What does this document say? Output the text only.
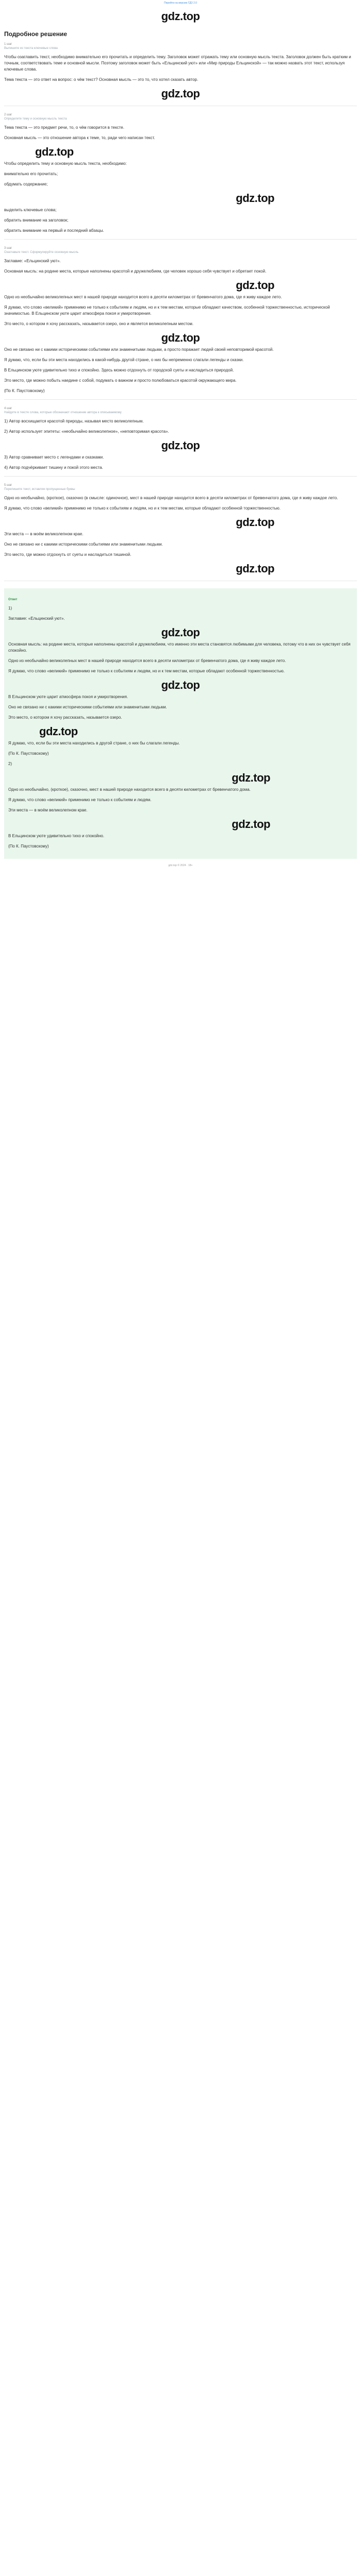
Перейти на версию ГДЗ 2.0
gdz.top
Подробное решение
1 шаг
Выпишите из текста ключевые слова
Чтобы озаглавить текст, необходимо внимательно его прочитать и определить тему. Заголовок может отражать тему или основную мысль текста. Заголовок должен быть кратким и точным, соответствовать теме и основной мысли. Поэтому заголовок может быть «Ельцинский уют» или «Мир природы Ельцинской» — так можно назвать этот текст, используя ключевые слова.
Тема текста — это ответ на вопрос: о чём текст? Основная мысль — это то, что хотел сказать автор.
gdz.top
2 шаг
Определите тему и основную мысль текста
Тема текста — это предмет речи, то, о чём говорится в тексте.
Основная мысль — это отношение автора к теме, то, ради чего написан текст.
gdz.top
Чтобы определить тему и основную мысль текста, необходимо:
внимательно его прочитать;
обдумать содержание;
gdz.top
выделить ключевые слова;
обратить внимание на заголовок;
обратить внимание на первый и последний абзацы.
3 шаг
Озаглавьте текст. Сформулируйте основную мысль
Заглавие: «Ельцинский уют».
Основная мысль: на родине места, которые наполнены красотой и дружелюбием, где человек хорошо себя чувствует и обретает покой.
gdz.top
Одно из необычайно великолепных мест в нашей природе находится всего в десяти километрах от бревенчатого дома, где я живу каждое лето.
Я думаю, что слово «великий» применимо не только к событиям и людям, но и к тем местам, которые обладают качеством, особенной торжественностью, исторической значимостью. В Ельцинском уюте царит атмосфера покоя и умиротворения.
Это место, о котором я хочу рассказать, называется озеро, оно и является великолепным местом.
gdz.top
Оно не связано ни с какими историческими событиями или знаменитыми людьми, а просто поражает людей своей неповторимой красотой.
Я думаю, что, если бы эти места находились в какой-нибудь другой стране, о них бы непременно слагали легенды и сказки.
В Ельцинском уюте удивительно тихо и спокойно. Здесь можно отдохнуть от городской суеты и насладиться природой.
Это место, где можно побыть наедине с собой, подумать о важном и просто полюбоваться красотой окружающего мира.
(По К. Паустовскому)
4 шаг
Найдите в тексте слова, которые обозначают отношение автора к описываемому
1) Автор восхищается красотой природы, называя место великолепным.
2) Автор использует эпитеты: «необычайно великолепное», «неповторимая красота».
gdz.top
3) Автор сравнивает место с легендами и сказками.
4) Автор подчёркивает тишину и покой этого места.
5 шаг
Перепишите текст, вставляя пропущенные буквы
Одно из необычайно, (кроткое), сказочно (в смысле: одиночное), мест в нашей природе находится всего в десяти километрах от бревенчатого дома, где я живу каждое лето.
Я думаю, что слово «великий» применимо не только к событиям и людям, но и к тем местам, которые обладают особенной торжественностью.
gdz.top
Эти места — в моём великолепном крае.
Оно не связано ни с какими историческими событиями или знаменитыми людьми.
Это место, где можно отдохнуть от суеты и насладиться тишиной.
gdz.top
Ответ
1)
Заглавие: «Ельцинский уют».
gdz.top
Основная мысль: на родине места, которые наполнены красотой и дружелюбием, что именно эти места становятся любимыми для человека, потому что в них он чувствует себя спокойно.
Одно из необычайно великолепных мест в нашей природе находится всего в десяти километрах от бревенчатого дома, где я живу каждое лето.
Я думаю, что слово «великий» применимо не только к событиям и людям, но и к тем местам, которые обладают особенной торжественностью.
gdz.top
В Ельцинском уюте царит атмосфера покоя и умиротворения.
Оно не связано ни с какими историческими событиями или знаменитыми людьми.
Это место, о котором я хочу рассказать, называется озеро.
gdz.top
Я думаю, что, если бы эти места находились в другой стране, о них бы слагали легенды.
(По К. Паустовскому)
2)
gdz.top
Одно из необычайно, (кроткое), сказочно, мест в нашей природе находится всего в десяти километрах от бревенчатого дома.
Я думаю, что слово «великий» применимо не только к событиям и людям.
Эти места — в моём великолепном крае.
gdz.top
В Ельцинском уюте удивительно тихо и спокойно.
(По К. Паустовскому)
gdz.top © 2024 · 18+
